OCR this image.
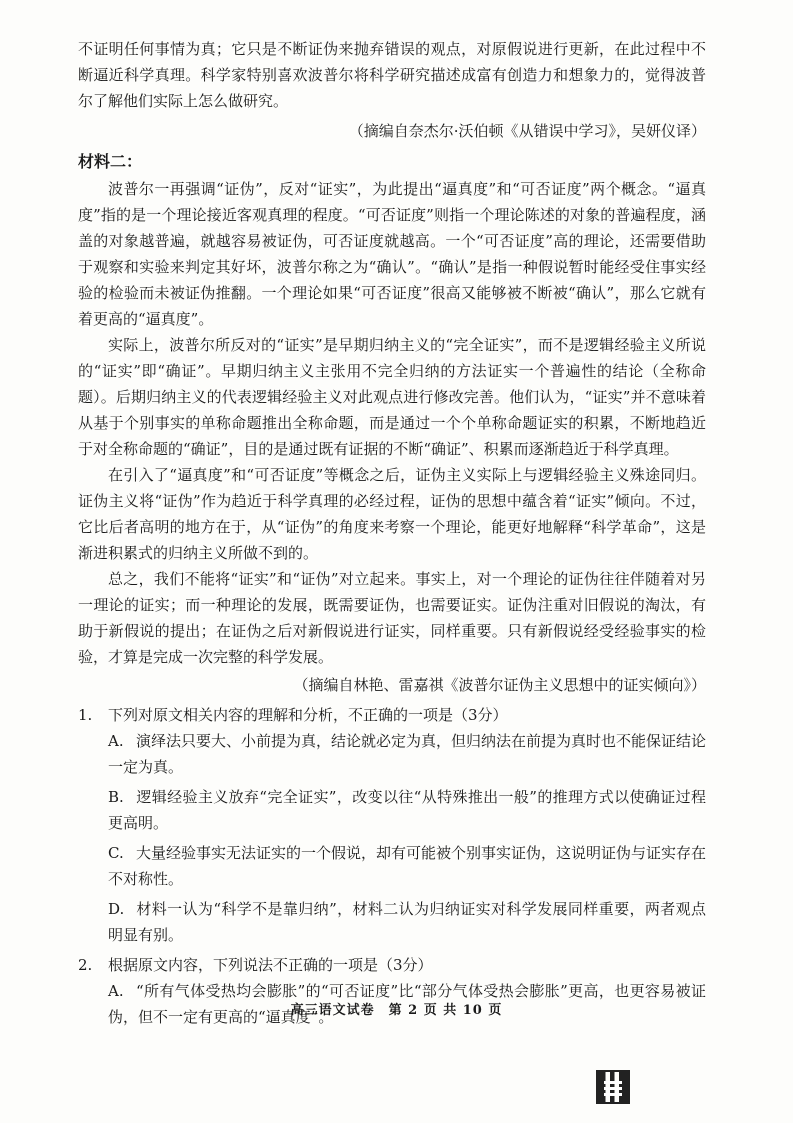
不证明任何事情为真；它只是不断证伪来抛弃错误的观点，对原假说进行更新，在此过程中不断逼近科学真理。科学家特别喜欢波普尔将科学研究描述成富有创造力和想象力的，觉得波普尔了解他们实际上怎么做研究。

（摘编自奈杰尔·沃伯顿《从错误中学习》，吴妍仪译）

材料二：

波普尔一再强调“证伪”，反对“证实”，为此提出“逼真度”和“可否证度”两个概念。“逼真度”指的是一个理论接近客观真理的程度。“可否证度”则指一个理论陈述的对象的普遍程度，涵盖的对象越普遍，就越容易被证伪，可否证度就越高。一个“可否证度”高的理论，还需要借助于观察和实验来判定其好坏，波普尔称之为“确认”。“确认”是指一种假说暂时能经受住事实经验的检验而未被证伪推翻。一个理论如果“可否证度”很高又能够被不断被“确认”，那么它就有着更高的“逼真度”。

实际上，波普尔所反对的“证实”是早期归纳主义的“完全证实”，而不是逻辑经验主义所说的“证实”即“确证”。早期归纳主义主张用不完全归纳的方法证实一个普遍性的结论（全称命题）。后期归纳主义的代表逻辑经验主义对此观点进行修改完善。他们认为，“证实”并不意味着从基于个别事实的单称命题推出全称命题，而是通过一个个单称命题证实的积累，不断地趋近于对全称命题的“确证”，目的是通过既有证据的不断“确证”、积累而逐渐趋近于科学真理。

在引入了“逼真度”和“可否证度”等概念之后，证伪主义实际上与逻辑经验主义殊途同归。证伪主义将“证伪”作为趋近于科学真理的必经过程，证伪的思想中蕴含着“证实”倾向。不过，它比后者高明的地方在于，从“证伪”的角度来考察一个理论，能更好地解释“科学革命”，这是渐进积累式的归纳主义所做不到的。

总之，我们不能将“证实”和“证伪”对立起来。事实上，对一个理论的证伪往往伴随着对另一理论的证实；而一种理论的发展，既需要证伪，也需要证实。证伪注重对旧假说的淘汰，有助于新假说的提出；在证伪之后对新假说进行证实，同样重要。只有新假说经受经验事实的检验，才算是完成一次完整的科学发展。

（摘编自林艳、雷嘉祺《波普尔证伪主义思想中的证实倾向》）

1.	下列对原文相关内容的理解和分析，不正确的一项是（3分）

A. 演绎法只要大、小前提为真，结论就必定为真，但归纳法在前提为真时也不能保证结论一定为真。

B. 逻辑经验主义放弃“完全证实”，改变以往“从特殊推出一般”的推理方式以使确证过程更高明。

C. 大量经验事实无法证实的一个假说，却有可能被个别事实证伪，这说明证伪与证实存在不对称性。

D. 材料一认为“科学不是靠归纳”，材料二认为归纳证实对科学发展同样重要，两者观点明显有别。

2.	根据原文内容，下列说法不正确的一项是（3分）

A. “所有气体受热均会膨胀”的“可否证度”比“部分气体受热会膨胀”更高，也更容易被证伪，但不一定有更高的“逼真度”。

高三语文试卷　第 2 页 共 10 页
